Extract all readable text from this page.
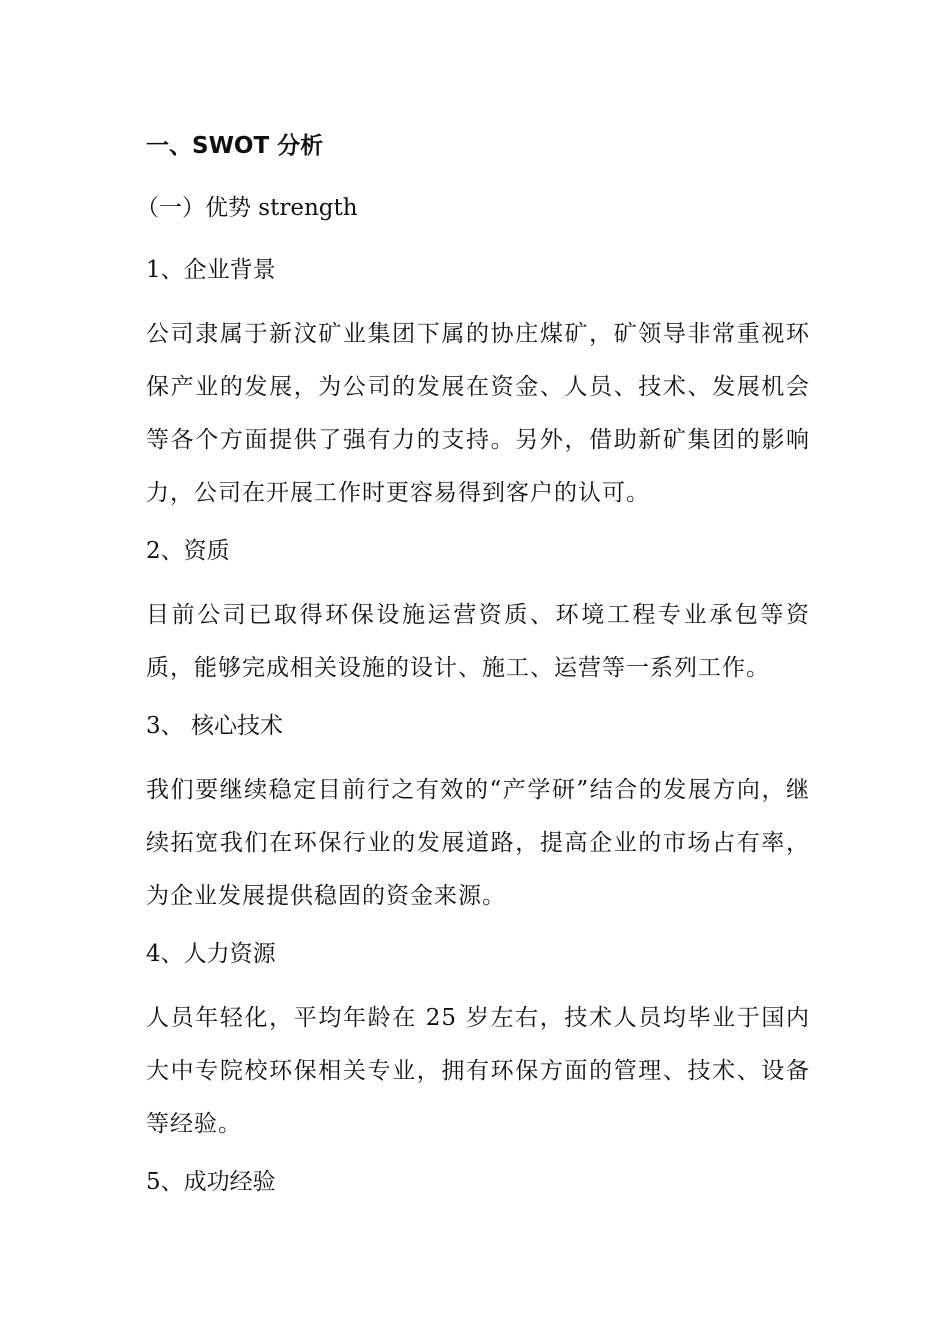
一、SWOT 分析
（一）优势 strength
1、企业背景
公司隶属于新汶矿业集团下属的协庄煤矿，矿领导非常重视环保产业的发展，为公司的发展在资金、人员、技术、发展机会等各个方面提供了强有力的支持。另外，借助新矿集团的影响力，公司在开展工作时更容易得到客户的认可。
2、资质
目前公司已取得环保设施运营资质、环境工程专业承包等资质，能够完成相关设施的设计、施工、运营等一系列工作。
3、 核心技术
我们要继续稳定目前行之有效的“产学研”结合的发展方向，继续拓宽我们在环保行业的发展道路，提高企业的市场占有率，为企业发展提供稳固的资金来源。
4、人力资源
人员年轻化，平均年龄在 25 岁左右，技术人员均毕业于国内大中专院校环保相关专业，拥有环保方面的管理、技术、设备等经验。
5、成功经验
